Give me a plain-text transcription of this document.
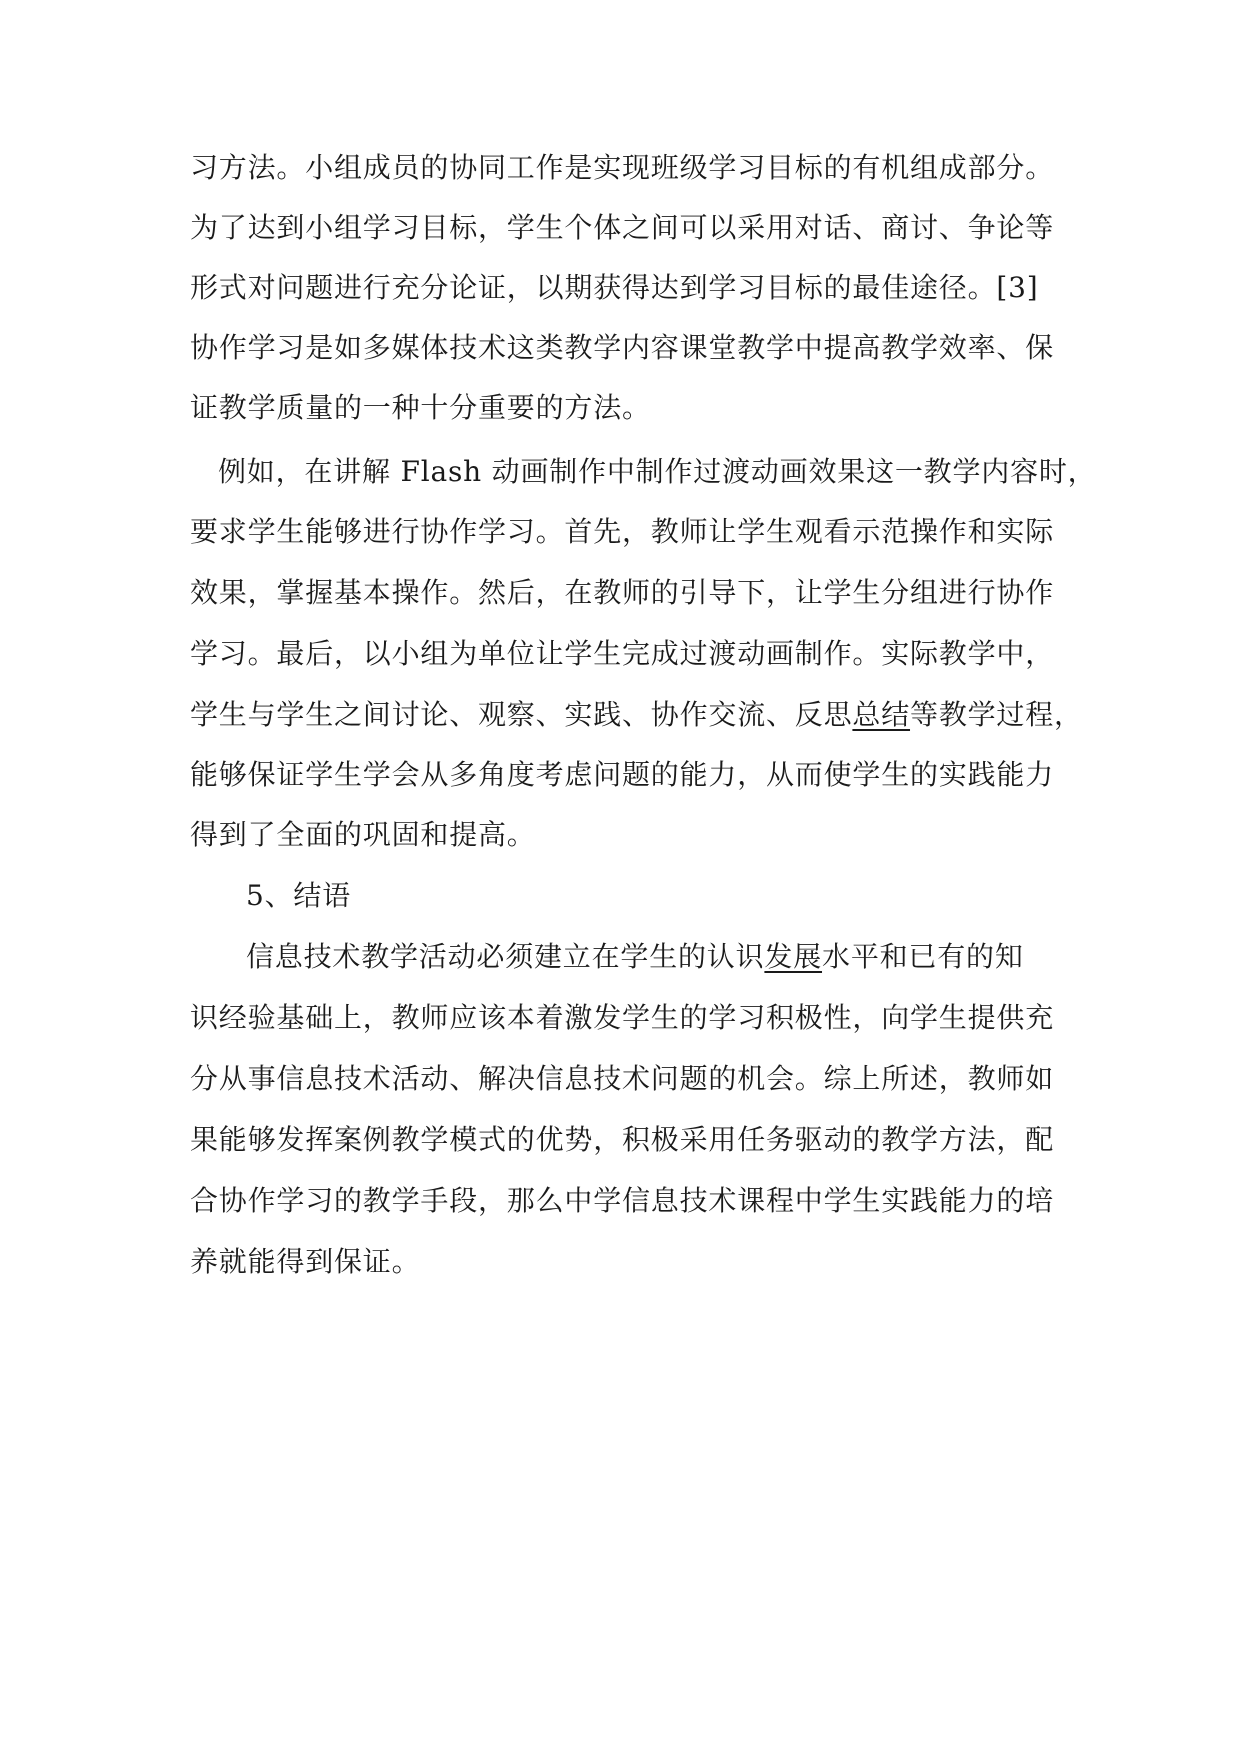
习方法。小组成员的协同工作是实现班级学习目标的有机组成部分。
为了达到小组学习目标，学生个体之间可以采用对话、商讨、争论等
形式对问题进行充分论证，以期获得达到学习目标的最佳途径。[3]
协作学习是如多媒体技术这类教学内容课堂教学中提高教学效率、保
证教学质量的一种十分重要的方法。
例如，在讲解 Flash 动画制作中制作过渡动画效果这一教学内容时，
要求学生能够进行协作学习。首先，教师让学生观看示范操作和实际
效果，掌握基本操作。然后，在教师的引导下，让学生分组进行协作
学习。最后，以小组为单位让学生完成过渡动画制作。实际教学中，
学生与学生之间讨论、观察、实践、协作交流、反思总结等教学过程，
能够保证学生学会从多角度考虑问题的能力，从而使学生的实践能力
得到了全面的巩固和提高。
5、结语
信息技术教学活动必须建立在学生的认识发展水平和已有的知
识经验基础上，教师应该本着激发学生的学习积极性，向学生提供充
分从事信息技术活动、解决信息技术问题的机会。综上所述，教师如
果能够发挥案例教学模式的优势，积极采用任务驱动的教学方法，配
合协作学习的教学手段，那么中学信息技术课程中学生实践能力的培
养就能得到保证。
